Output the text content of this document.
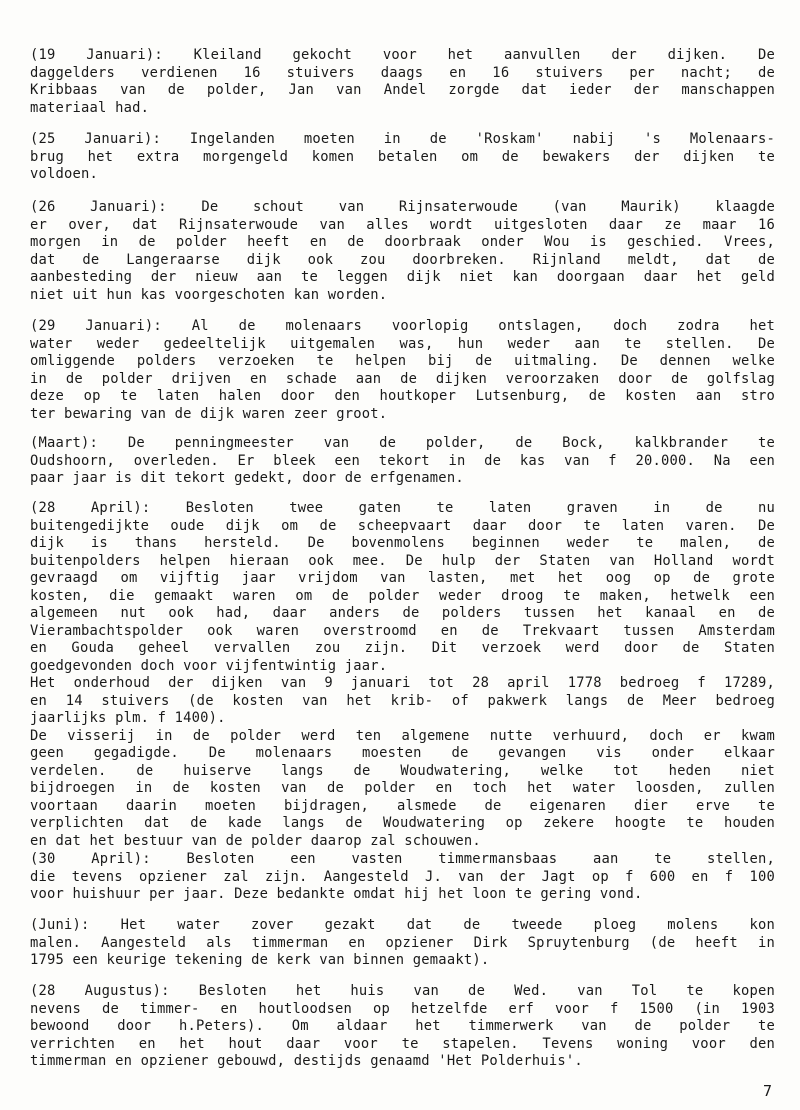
(19 Januari): Kleiland gekocht voor het aanvullen der dijken. De
daggelders verdienen 16 stuivers daags en 16 stuivers per nacht; de
Kribbaas van de polder, Jan van Andel zorgde dat ieder der manschappen
materiaal had.
(25 Januari): Ingelanden moeten in de 'Roskam' nabij 's Molenaars-
brug het extra morgengeld komen betalen om de bewakers der dijken te
voldoen.
(26 Januari): De schout van Rijnsaterwoude (van Maurik) klaagde
er over, dat Rijnsaterwoude van alles wordt uitgesloten daar ze maar 16
morgen in de polder heeft en de doorbraak onder Wou is geschied. Vrees,
dat de Langeraarse dijk ook zou doorbreken. Rijnland meldt, dat de
aanbesteding der nieuw aan te leggen dijk niet kan doorgaan daar het geld
niet uit hun kas voorgeschoten kan worden.
(29 Januari): Al de molenaars voorlopig ontslagen, doch zodra het
water weder gedeeltelijk uitgemalen was, hun weder aan te stellen. De
omliggende polders verzoeken te helpen bij de uitmaling. De dennen welke
in de polder drijven en schade aan de dijken veroorzaken door de golfslag
deze op te laten halen door den houtkoper Lutsenburg, de kosten aan stro
ter bewaring van de dijk waren zeer groot.
(Maart): De penningmeester van de polder, de Bock, kalkbrander te
Oudshoorn, overleden. Er bleek een tekort in de kas van f 20.000. Na een
paar jaar is dit tekort gedekt, door de erfgenamen.
(28 April): Besloten twee gaten te laten graven in de nu
buitengedijkte oude dijk om de scheepvaart daar door te laten varen. De
dijk is thans hersteld. De bovenmolens beginnen weder te malen, de
buitenpolders helpen hieraan ook mee. De hulp der Staten van Holland wordt
gevraagd om vijftig jaar vrijdom van lasten, met het oog op de grote
kosten, die gemaakt waren om de polder weder droog te maken, hetwelk een
algemeen nut ook had, daar anders de polders tussen het kanaal en de
Vierambachtspolder ook waren overstroomd en de Trekvaart tussen Amsterdam
en Gouda geheel vervallen zou zijn. Dit verzoek werd door de Staten
goedgevonden doch voor vijfentwintig jaar.
Het onderhoud der dijken van 9 januari tot 28 april 1778 bedroeg f 17289,
en 14 stuivers (de kosten van het krib- of pakwerk langs de Meer bedroeg
jaarlijks plm. f 1400).
De visserij in de polder werd ten algemene nutte verhuurd, doch er kwam
geen gegadigde. De molenaars moesten de gevangen vis onder elkaar
verdelen. de huiserve langs de Woudwatering, welke tot heden niet
bijdroegen in de kosten van de polder en toch het water loosden, zullen
voortaan daarin moeten bijdragen, alsmede de eigenaren dier erve te
verplichten dat de kade langs de Woudwatering op zekere hoogte te houden
en dat het bestuur van de polder daarop zal schouwen.
(30 April): Besloten een vasten timmermansbaas aan te stellen,
die tevens opziener zal zijn. Aangesteld J. van der Jagt op f 600 en f 100
voor huishuur per jaar. Deze bedankte omdat hij het loon te gering vond.
(Juni): Het water zover gezakt dat de tweede ploeg molens kon
malen. Aangesteld als timmerman en opziener Dirk Spruytenburg (de heeft in
1795 een keurige tekening de kerk van binnen gemaakt).
(28 Augustus): Besloten het huis van de Wed. van Tol te kopen
nevens de timmer- en houtloodsen op hetzelfde erf voor f 1500 (in 1903
bewoond door h.Peters). Om aldaar het timmerwerk van de polder te
verrichten en het hout daar voor te stapelen. Tevens woning voor den
timmerman en opziener gebouwd, destijds genaamd 'Het Polderhuis'.
7
